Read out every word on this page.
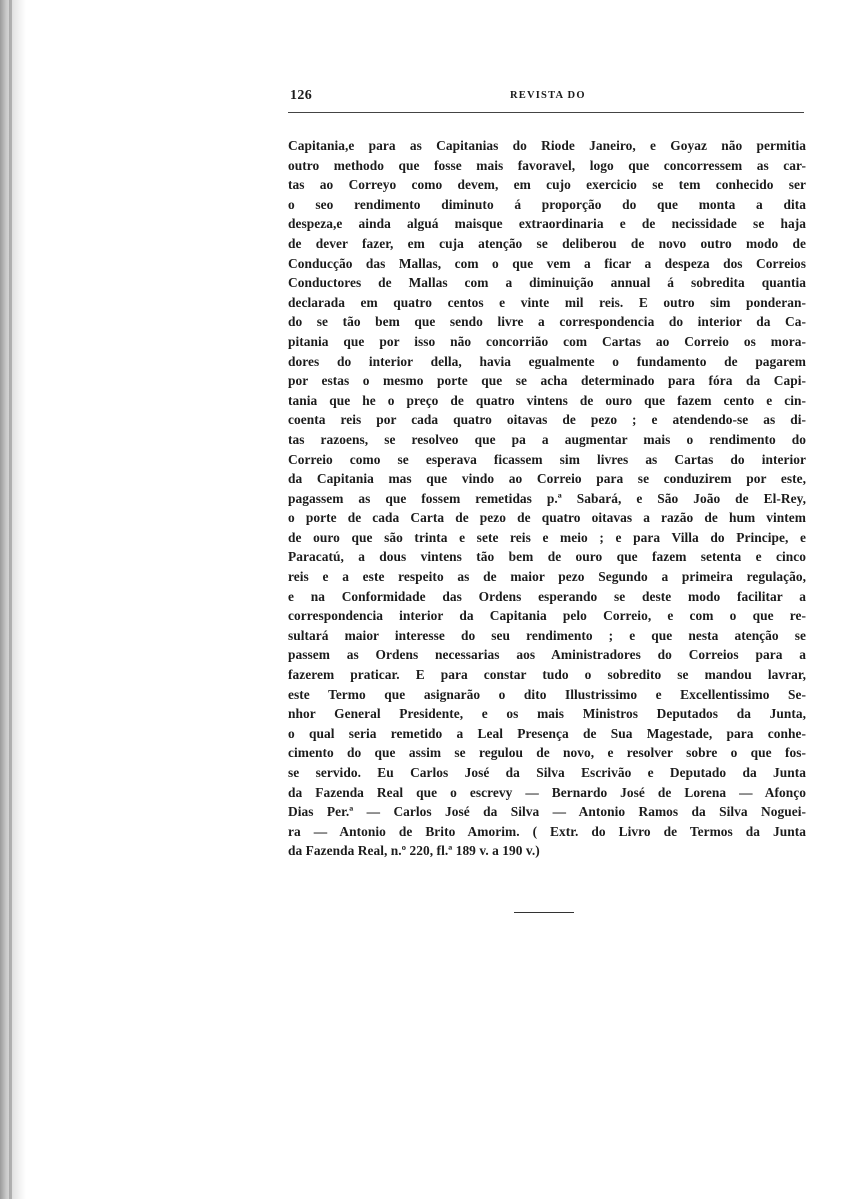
126	REVISTA DO
Capitania,e para as Capitanias do Riode Janeiro, e Goyaz não permitia
outro methodo que fosse mais favoravel, logo que concorressem as car-
tas ao Correyo como devem, em cujo exercicio se tem conhecido ser
o seo rendimento diminuto á proporção do que monta a dita
despeza,e ainda alguá maisque extraordinaria e de necissidade se haja
de dever fazer, em cuja atenção se deliberou de novo outro modo de
Conducção das Mallas, com o que vem a ficar a despeza dos Correios
Conductores de Mallas com a diminuição annual á sobredita quantia
declarada em quatro centos e vinte mil reis. E outro sim ponderan-
do se tão bem que sendo livre a correspondencia do interior da Ca-
pitania que por isso não concorrião com Cartas ao Correio os mora-
dores do interior della, havia egualmente o fundamento de pagarem
por estas o mesmo porte que se acha determinado para fóra da Capi-
tania que he o preço de quatro vintens de ouro que fazem cento e cin-
coenta reis por cada quatro oitavas de pezo ; e atendendo-se as di-
tas razoens, se resolveo que pa a augmentar mais o rendimento do
Correio como se esperava ficassem sim livres as Cartas do interior
da Capitania mas que vindo ao Correio para se conduzirem por este,
pagassem as que fossem remetidas p.ª Sabará, e São João de El-Rey,
o porte de cada Carta de pezo de quatro oitavas a razão de hum vintem
de ouro que são trinta e sete reis e meio ; e para Villa do Principe, e
Paracatú, a dous vintens tão bem de ouro que fazem setenta e cinco
reis e a este respeito as de maior pezo Segundo a primeira regulação,
e na Conformidade das Ordens esperando se deste modo facilitar a
correspondencia interior da Capitania pelo Correio, e com o que re-
sultará maior interesse do seu rendimento ; e que nesta atenção se
passem as Ordens necessarias aos Aministradores do Correios para a
fazerem praticar. E para constar tudo o sobredito se mandou lavrar,
este Termo que asignarão o dito Illustrissimo e Excellentissimo Se-
nhor General Presidente, e os mais Ministros Deputados da Junta,
o qual seria remetido a Leal Presença de Sua Magestade, para conhe-
cimento do que assim se regulou de novo, e resolver sobre o que fos-
se servido. Eu Carlos José da Silva Escrivão e Deputado da Junta
da Fazenda Real que o escrevy — Bernardo José de Lorena — Afonço
Dias Per.ª — Carlos José da Silva — Antonio Ramos da Silva Noguei-
ra — Antonio de Brito Amorim. ( Extr. do Livro de Termos da Junta
da Fazenda Real, n.º 220, fl.ª 189 v. a 190 v.)
